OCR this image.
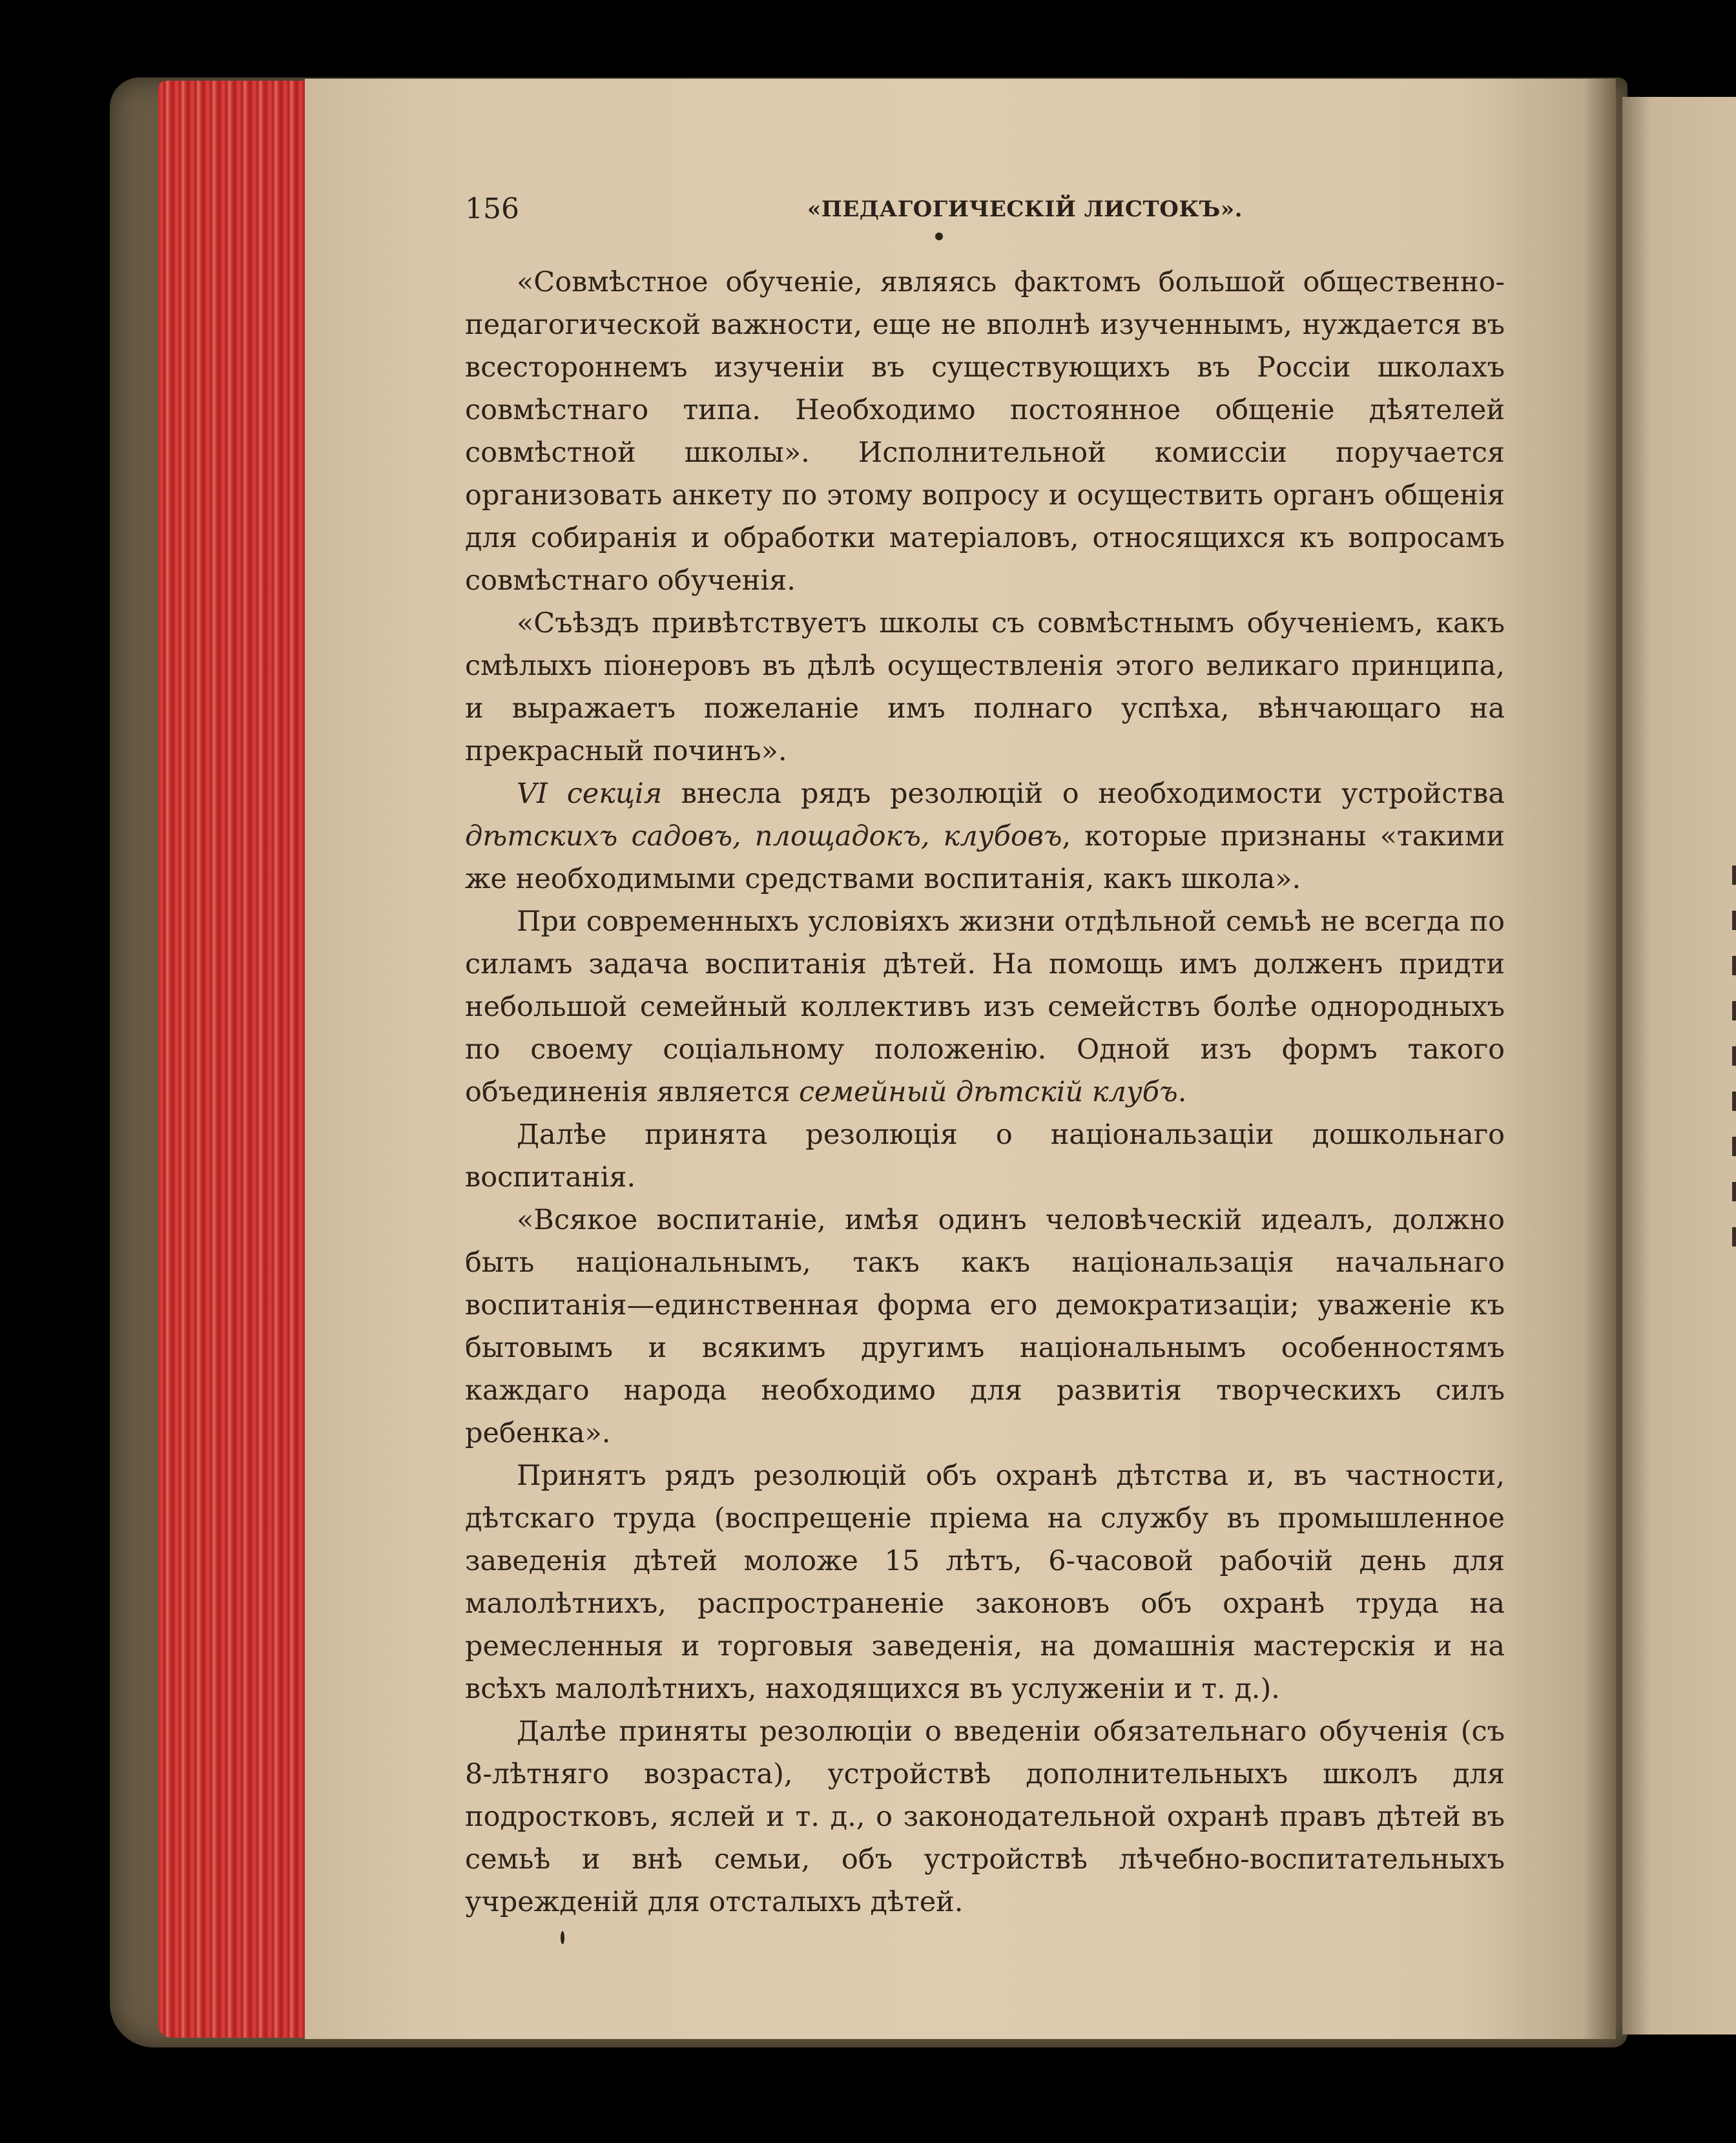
156	«ПЕДАГОГИЧЕСКІЙ ЛИСТОКЪ».

«Совмѣстное обученіе, являясь фактомъ большой общественно-педагогической важности, еще не вполнѣ изученнымъ, нуждается въ всестороннемъ изученіи въ существующихъ въ Россіи школахъ совмѣстнаго типа. Необходимо постоянное общеніе дѣятелей совмѣстной школы». Исполнительной комиссіи поручается организовать анкету по этому вопросу и осуществить органъ общенія для собиранія и обработки матеріаловъ, относящихся къ вопросамъ совмѣстнаго обученія.

«Съѣздъ привѣтствуетъ школы съ совмѣстнымъ обученіемъ, какъ смѣлыхъ піонеровъ въ дѣлѣ осуществленія этого великаго принципа, и выражаетъ пожеланіе имъ полнаго успѣха, вѣнчающаго на прекрасный починъ».

VI секція внесла рядъ резолюцій о необходимости устройства дѣтскихъ садовъ, площадокъ, клубовъ, которые признаны «такими же необходимыми средствами воспитанія, какъ школа».

При современныхъ условіяхъ жизни отдѣльной семьѣ не всегда по силамъ задача воспитанія дѣтей. На помощь имъ долженъ придти небольшой семейный коллективъ изъ семействъ болѣе однородныхъ по своему соціальному положенію. Одной изъ формъ такого объединенія является семейный дѣтскій клубъ.

Далѣе принята резолюція о національзаціи дошкольнаго воспитанія.

«Всякое воспитаніе, имѣя одинъ человѣческій идеалъ, должно быть національнымъ, такъ какъ національзація начальнаго воспитанія—единственная форма его демократизаціи; уваженіе къ бытовымъ и всякимъ другимъ національнымъ особенностямъ каждаго народа необходимо для развитія творческихъ силъ ребенка».

Принятъ рядъ резолюцій объ охранѣ дѣтства и, въ частности, дѣтскаго труда (воспрещеніе пріема на службу въ промышленное заведенія дѣтей моложе 15 лѣтъ, 6-часовой рабочій день для малолѣтнихъ, распространеніе законовъ объ охранѣ труда на ремесленныя и торговыя заведенія, на домашнія мастерскія и на всѣхъ малолѣтнихъ, находящихся въ услуженіи и т. д.).

Далѣе приняты резолюціи о введеніи обязательнаго обученія (съ 8-лѣтняго возраста), устройствѣ дополнительныхъ школъ для подростковъ, яслей и т. д., о законодательной охранѣ правъ дѣтей въ семьѣ и внѣ семьи, объ устройствѣ лѣчебно-воспитательныхъ учрежденій для отсталыхъ дѣтей.
